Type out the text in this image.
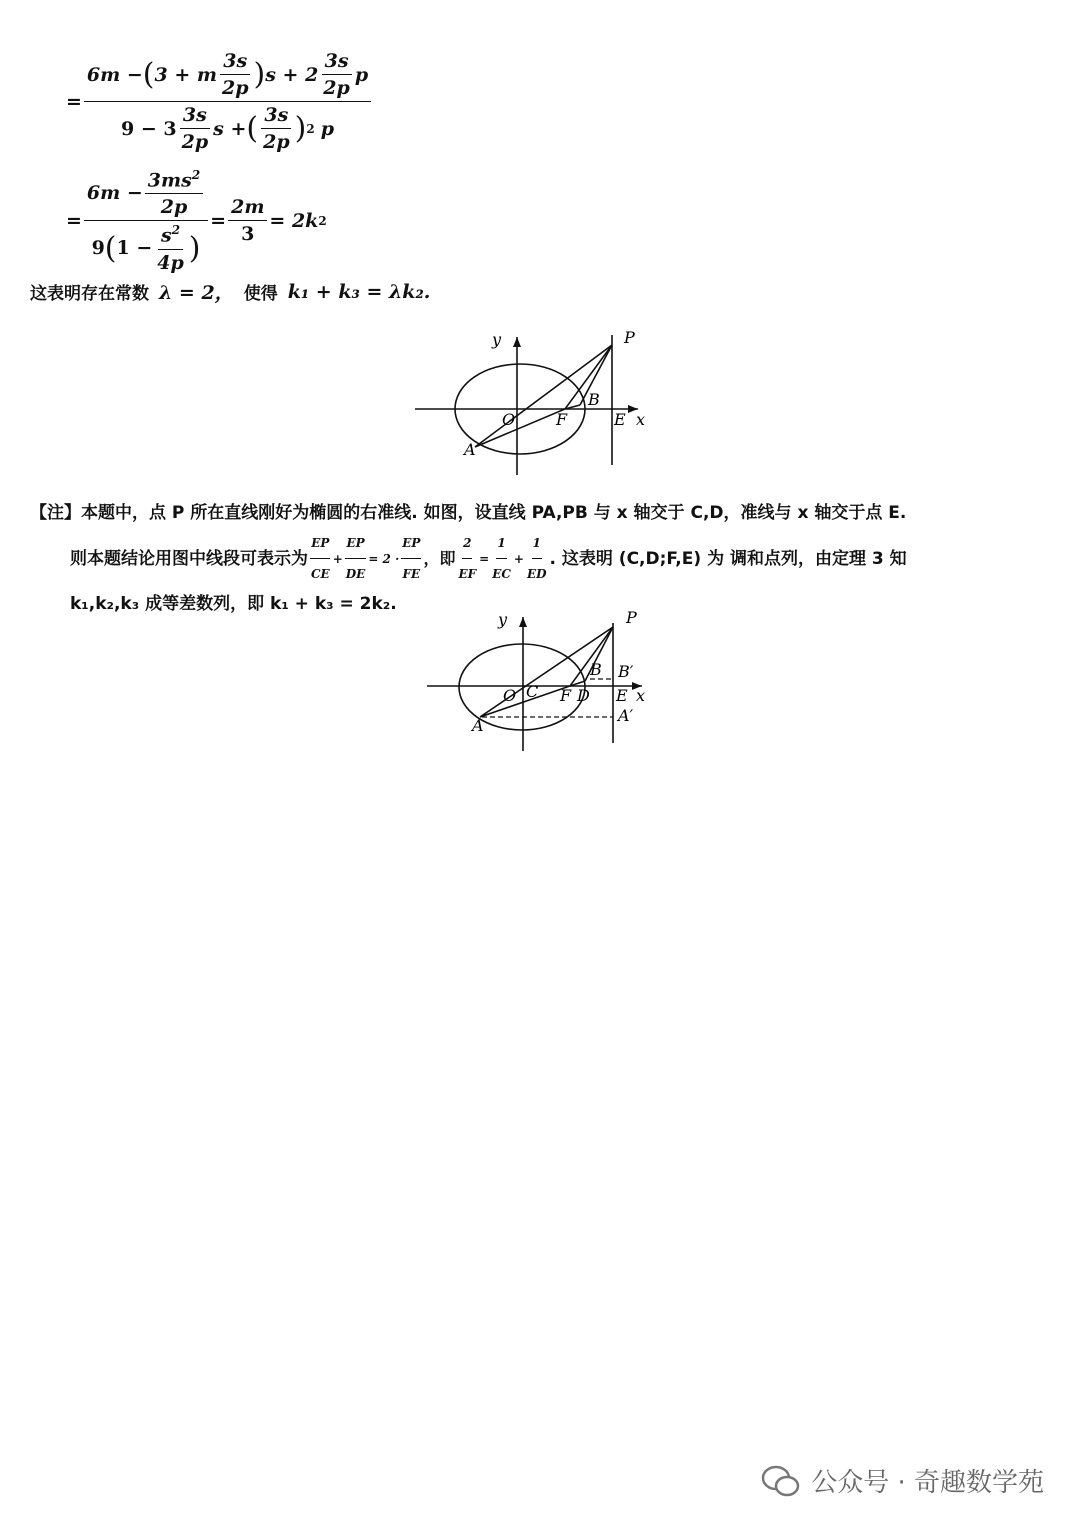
= $\frac{6m - ( 3 + m \frac{3s}{2p} ) s + 2 \frac{3s}{2p} p}{9 - 3 \frac{3s}{2p} s + ( \frac{3s}{2p} ) 2 p}$
= $\frac{6m - \frac{3ms^2}{2p}}{9 ( 1 - \frac{s^2}{4p} )} = \frac{2m}{3} = 2k$ 2
这表明存在常数 λ = 2， 使得 k₁ + k₃ = λk₂.
y	P
B
O	F	E x
A
【注】本题中，点 P 所在直线刚好为椭圆的右准线. 如图，设直线 PA,PB 与 x 轴交于 C,D，准线与 x 轴交于点 E.
则本题结论用图中线段可表示为 $\frac{EP}{CE} + \frac{EP}{DE} = 2 \cdot \frac{EP}{FE}$ ，即 $\frac{2}{EF} = \frac{1}{EC} + \frac{1}{ED}$ . 这表明 (C,D;F,E) 为 调和点列，由定理 3 知
k₁,k₂,k₃ 成等差数列，即 k₁ + k₃ = 2k₂.
y	P
B B′
O C F D E x
A
A′
公众号 · 奇趣数学苑
